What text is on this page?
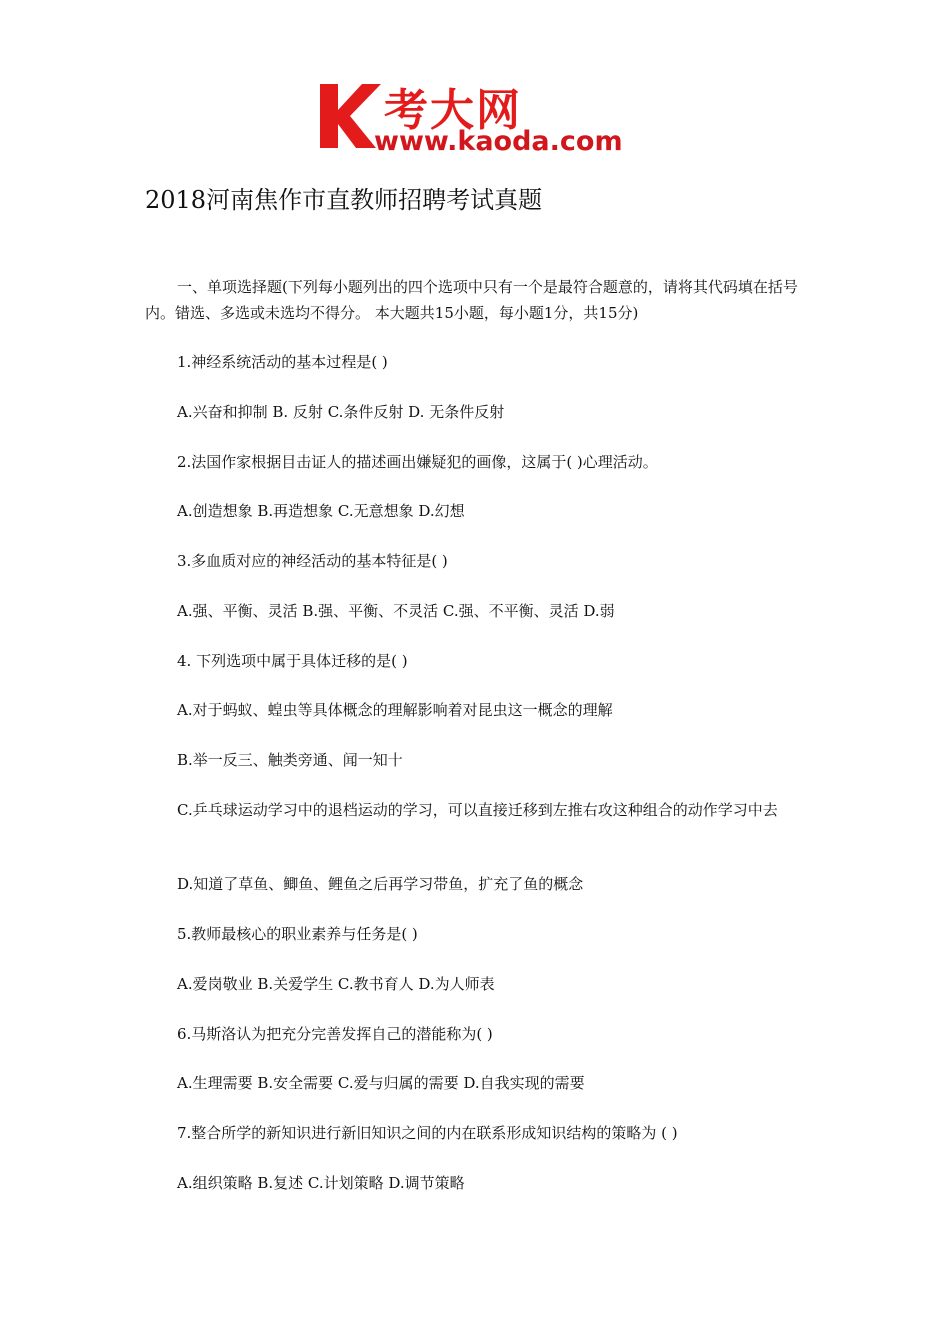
考大网
www.kaoda.com
2018河南焦作市直教师招聘考试真题
一、单项选择题(下列每小题列出的四个选项中只有一个是最符合题意的，请将其代码填在括号内。错选、多选或未选均不得分。 本大题共15小题，每小题1分，共15分)
1.神经系统活动的基本过程是( )
A.兴奋和抑制 B. 反射 C.条件反射 D. 无条件反射
2.法国作家根据目击证人的描述画出嫌疑犯的画像，这属于( )心理活动。
A.创造想象 B.再造想象 C.无意想象 D.幻想
3.多血质对应的神经活动的基本特征是( )
A.强、平衡、灵活 B.强、平衡、不灵活 C.强、不平衡、灵活 D.弱
4. 下列选项中属于具体迁移的是( )
A.对于蚂蚁、蝗虫等具体概念的理解影响着对昆虫这一概念的理解
B.举一反三、触类旁通、闻一知十
C.乒乓球运动学习中的退档运动的学习，可以直接迁移到左推右攻这种组合的动作学习中去
D.知道了草鱼、鲫鱼、鲤鱼之后再学习带鱼，扩充了鱼的概念
5.教师最核心的职业素养与任务是( )
A.爱岗敬业 B.关爱学生 C.教书育人 D.为人师表
6.马斯洛认为把充分完善发挥自己的潜能称为( )
A.生理需要 B.安全需要 C.爱与归属的需要 D.自我实现的需要
7.整合所学的新知识进行新旧知识之间的内在联系形成知识结构的策略为 ( )
A.组织策略 B.复述 C.计划策略 D.调节策略
